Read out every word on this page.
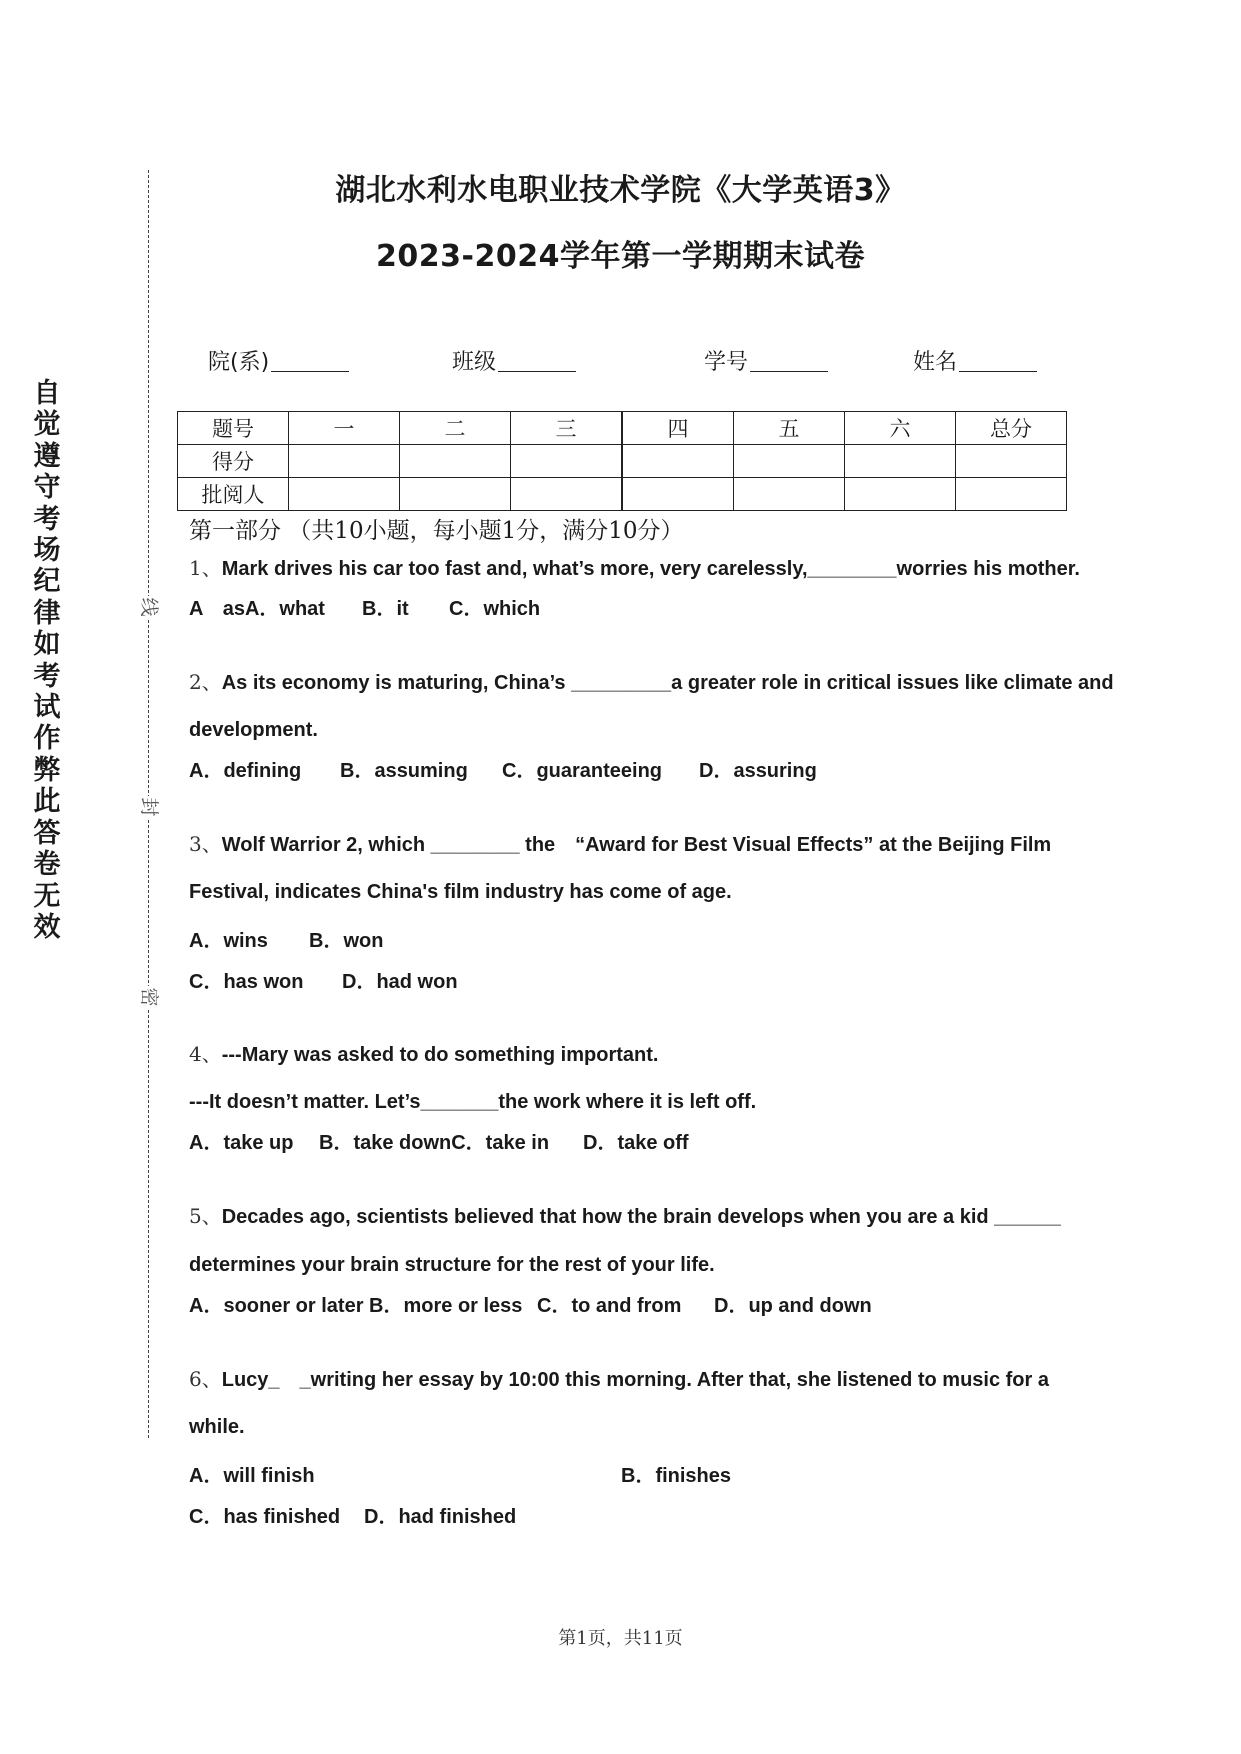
湖北水利水电职业技术学院《大学英语3》
2023-2024学年第一学期期末试卷
自
觉
遵
守
考
场
纪
律
如
考
试
作
弊
此
答
卷
无
效
线
封
密
院(系)	班级	学号	姓名
题号	一	二	三	四	五	六	总分
得分							
批阅人							
第一部分 （共10小题，每小题1分，满分10分）
1、Mark drives his car too fast and, what’s more, very carelessly,________worries his mother.
A　asA．what B．it C．which
2、As its economy is maturing, China’s _________a greater role in critical issues like climate and
development.
A．defining B．assuming C．guaranteeing D．assuring
3、Wolf Warrior 2, which ________ the　“Award for Best Visual Effects” at the Beijing Film
Festival, indicates China's film industry has come of age.
A．wins B．won
C．has won D．had won
4、---Mary was asked to do something important.
---It doesn’t matter. Let’s_______the work where it is left off.
A．take up B．take downC．take in D．take off
5、Decades ago, scientists believed that how the brain develops when you are a kid ______
determines your brain structure for the rest of your life.
A．sooner or later B．more or less C．to and from D．up and down
6、Lucy_　_writing her essay by 10:00 this morning. After that, she listened to music for a
while.
A．will finish	B．finishes
C．has finished D．had finished
第1页，共11页
